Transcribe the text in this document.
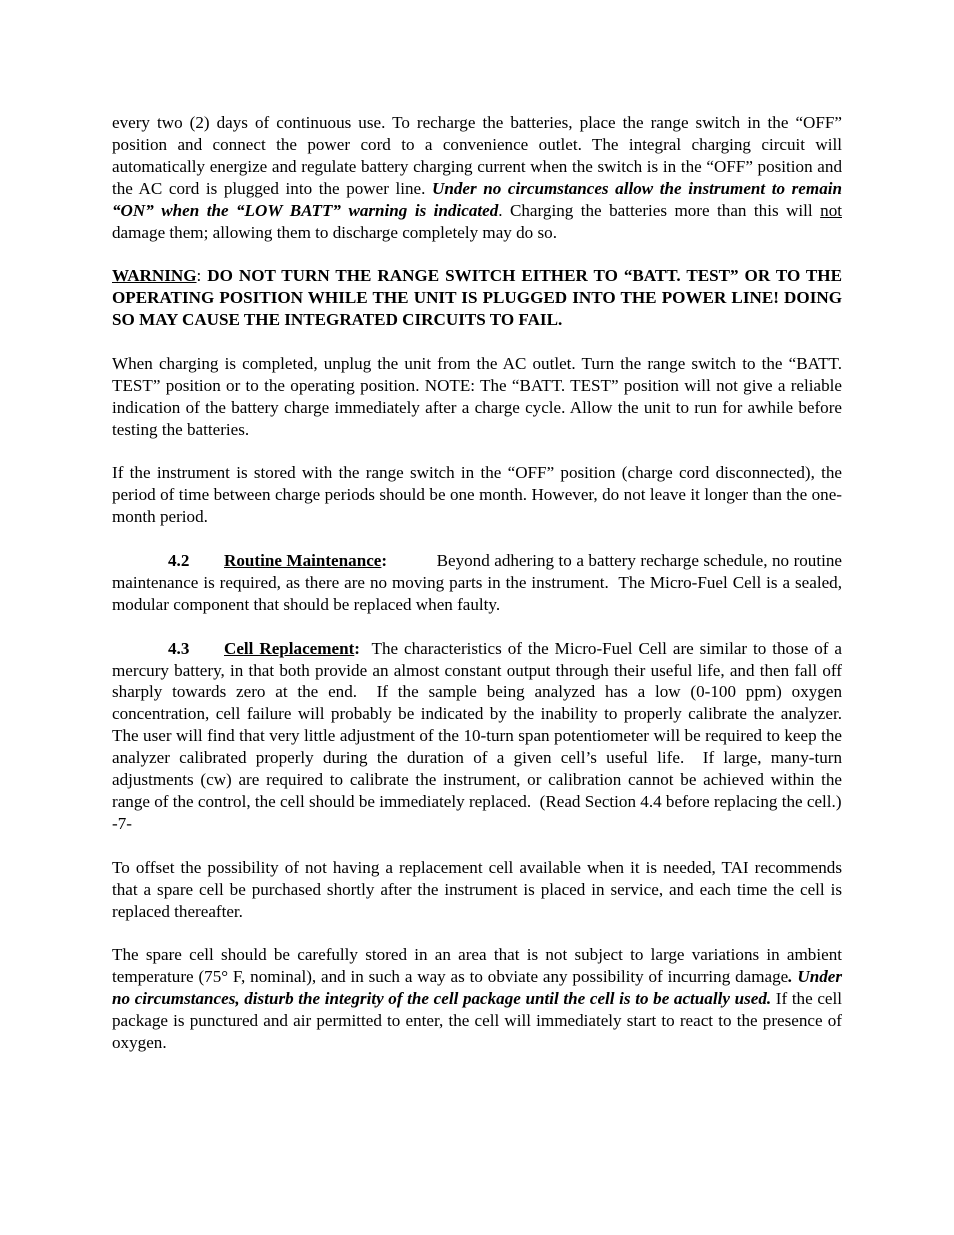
every two (2) days of continuous use. To recharge the batteries, place the range switch in the “OFF” position and connect the power cord to a convenience outlet. The integral charging circuit will automatically energize and regulate battery charging current when the switch is in the “OFF” position and the AC cord is plugged into the power line. Under no circumstances allow the instrument to remain “ON” when the “LOW BATT” warning is indicated. Charging the batteries more than this will not damage them; allowing them to discharge completely may do so.

WARNING: DO NOT TURN THE RANGE SWITCH EITHER TO “BATT. TEST” OR TO THE OPERATING POSITION WHILE THE UNIT IS PLUGGED INTO THE POWER LINE! DOING SO MAY CAUSE THE INTEGRATED CIRCUITS TO FAIL.

When charging is completed, unplug the unit from the AC outlet. Turn the range switch to the “BATT. TEST” position or to the operating position. NOTE: The “BATT. TEST” position will not give a reliable indication of the battery charge immediately after a charge cycle. Allow the unit to run for awhile before testing the batteries.

If the instrument is stored with the range switch in the “OFF” position (charge cord disconnected), the period of time between charge periods should be one month. However, do not leave it longer than the one-month period.

4.2 Routine Maintenance:           Beyond adhering to a battery recharge schedule, no routine maintenance is required, as there are no moving parts in the instrument.  The Micro-Fuel Cell is a sealed, modular component that should be replaced when faulty.

4.3 Cell Replacement:  The characteristics of the Micro-Fuel Cell are similar to those of a mercury battery, in that both provide an almost constant output through their useful life, and then fall off sharply towards zero at the end.  If the sample being analyzed has a low (0-100 ppm) oxygen concentration, cell failure will probably be indicated by the inability to properly calibrate the analyzer.  The user will find that very little adjustment of the 10-turn span potentiometer will be required to keep the analyzer calibrated properly during the duration of a given cell’s useful life.  If large, many-turn adjustments (cw) are required to calibrate the instrument, or calibration cannot be achieved within the range of the control, the cell should be immediately replaced.  (Read Section 4.4 before replacing the cell.)

-7-

To offset the possibility of not having a replacement cell available when it is needed, TAI recommends that a spare cell be purchased shortly after the instrument is placed in service, and each time the cell is replaced thereafter.

The spare cell should be carefully stored in an area that is not subject to large variations in ambient temperature (75° F, nominal), and in such a way as to obviate any possibility of incurring damage. Under no circumstances, disturb the integrity of the cell package until the cell is to be actually used. If the cell package is punctured and air permitted to enter, the cell will immediately start to react to the presence of oxygen.
